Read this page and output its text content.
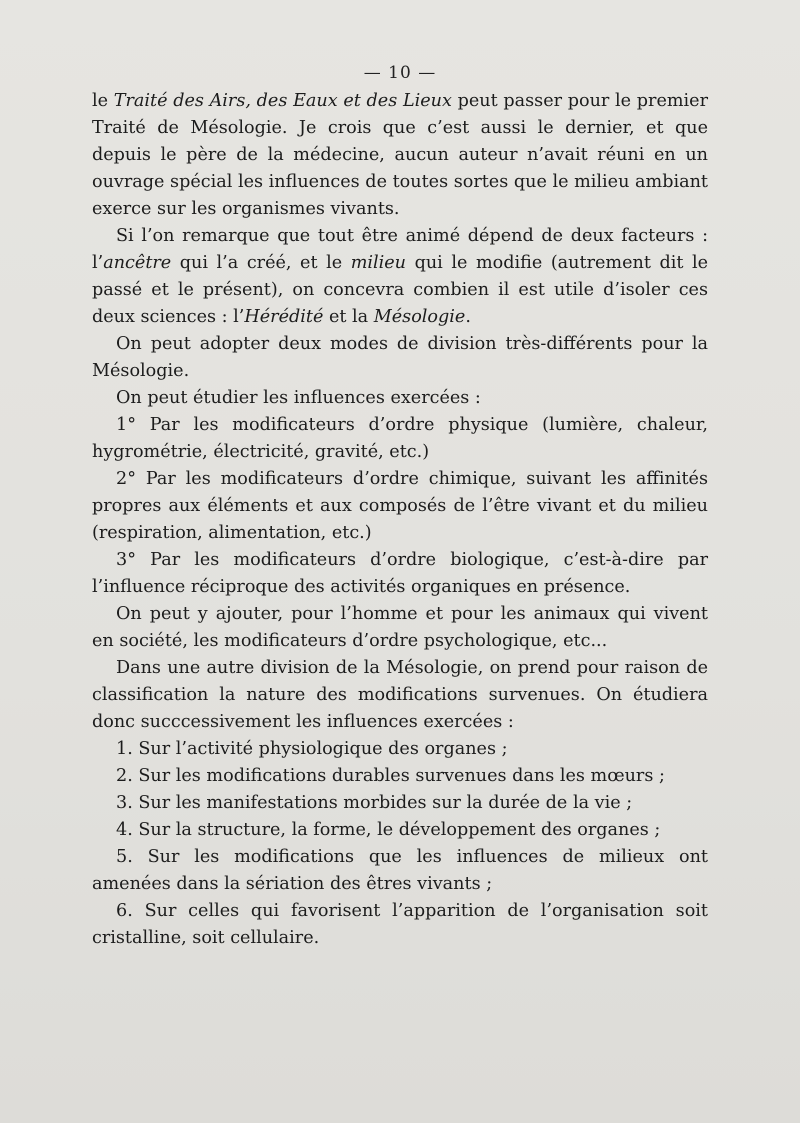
— 10 —

le Traité des Airs, des Eaux et des Lieux peut passer pour le premier Traité de Mésologie. Je crois que c’est aussi le dernier, et que depuis le père de la médecine, aucun auteur n’avait réuni en un ouvrage spécial les influences de toutes sortes que le milieu ambiant exerce sur les organismes vivants.

Si l’on remarque que tout être animé dépend de deux facteurs : l’ancêtre qui l’a créé, et le milieu qui le modifie (autrement dit le passé et le présent), on concevra combien il est utile d’isoler ces deux sciences : l’Hérédité et la Mésologie.

On peut adopter deux modes de division très-différents pour la Mésologie.

On peut étudier les influences exercées :

1° Par les modificateurs d’ordre physique (lumière, chaleur, hygrométrie, électricité, gravité, etc.)

2° Par les modificateurs d’ordre chimique, suivant les affinités propres aux éléments et aux composés de l’être vivant et du milieu (respiration, alimentation, etc.)

3° Par les modificateurs d’ordre biologique, c’est-à-dire par l’influence réciproque des activités organiques en présence.

On peut y ajouter, pour l’homme et pour les animaux qui vivent en société, les modificateurs d’ordre psychologique, etc...

Dans une autre division de la Mésologie, on prend pour raison de classification la nature des modifications survenues. On étudiera donc succcessivement les influences exercées :

1. Sur l’activité physiologique des organes ;

2. Sur les modifications durables survenues dans les mœurs ;

3. Sur les manifestations morbides sur la durée de la vie ;

4. Sur la structure, la forme, le développement des organes ;

5. Sur les modifications que les influences de milieux ont amenées dans la sériation des êtres vivants ;

6. Sur celles qui favorisent l’apparition de l’organisation soit cristalline, soit cellulaire.
